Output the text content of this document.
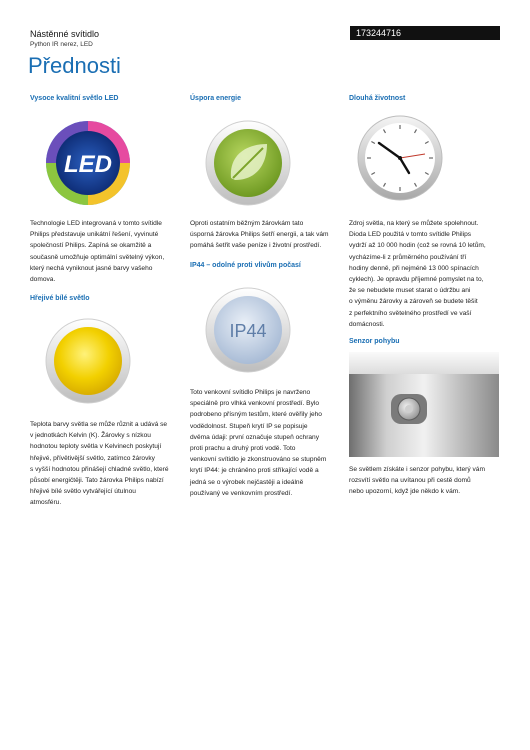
Nástěnné svítidlo
Python IR nerez, LED
173244716
Přednosti
Vysoce kvalitní světlo LED
LED
Technologie LED integrovaná v tomto svítidle
Philips představuje unikátní řešení, vyvinuté
společností Philips. Zapíná se okamžitě a
současně umožňuje optimální světelný výkon,
který nechá vyniknout jasné barvy vašeho
domova.
Hřejivé bílé světlo
Teplota barvy světla se může různit a udává se
v jednotkách Kelvin (K). Žárovky s nízkou
hodnotou teploty světla v Kelvinech poskytují
hřejivé, přívětivější světlo, zatímco žárovky
s vyšší hodnotou přinášejí chladné světlo, které
působí energičtěji. Tato žárovka Philips nabízí
hřejivé bílé světlo vytvářející útulnou
atmosféru.
Úspora energie
Oproti ostatním běžným žárovkám tato
úsporná žárovka Philips šetří energii, a tak vám
pomáhá šetřit vaše peníze i životní prostředí.
IP44 – odolné proti vlivům počasí
IP44
Toto venkovní svítidlo Philips je navrženo
speciálně pro vlhká venkovní prostředí. Bylo
podrobeno přísným testům, které ověřily jeho
vodědolnost. Stupeň krytí IP se popisuje
dvěma údaji: první označuje stupeň ochrany
proti prachu a druhý proti vodě. Toto
venkovní svítidlo je zkonstruováno se stupněm
krytí IP44: je chráněno proti stříkající vodě a
jedná se o výrobek nejčastěji a ideálně
používaný ve venkovním prostředí.
Dlouhá životnost
Zdroj světla, na který se můžete spolehnout.
Dioda LED použitá v tomto svítidle Philips
vydrží až 10 000 hodin (což se rovná 10 letům,
vycházíme-li z průměrného používání tří
hodiny denně, při nejméně 13 000 spínacích
cyklech). Je opravdu příjemné pomyslet na to,
že se nebudete muset starat o údržbu ani
o výměnu žárovky a zároveň se budete těšit
z perfektního světelného prostředí ve vaší
domácnosti.
Senzor pohybu
Se světlem získáte i senzor pohybu, který vám
rozsvítí světlo na uvítanou při cestě domů
nebo upozorní, když jde někdo k vám.
